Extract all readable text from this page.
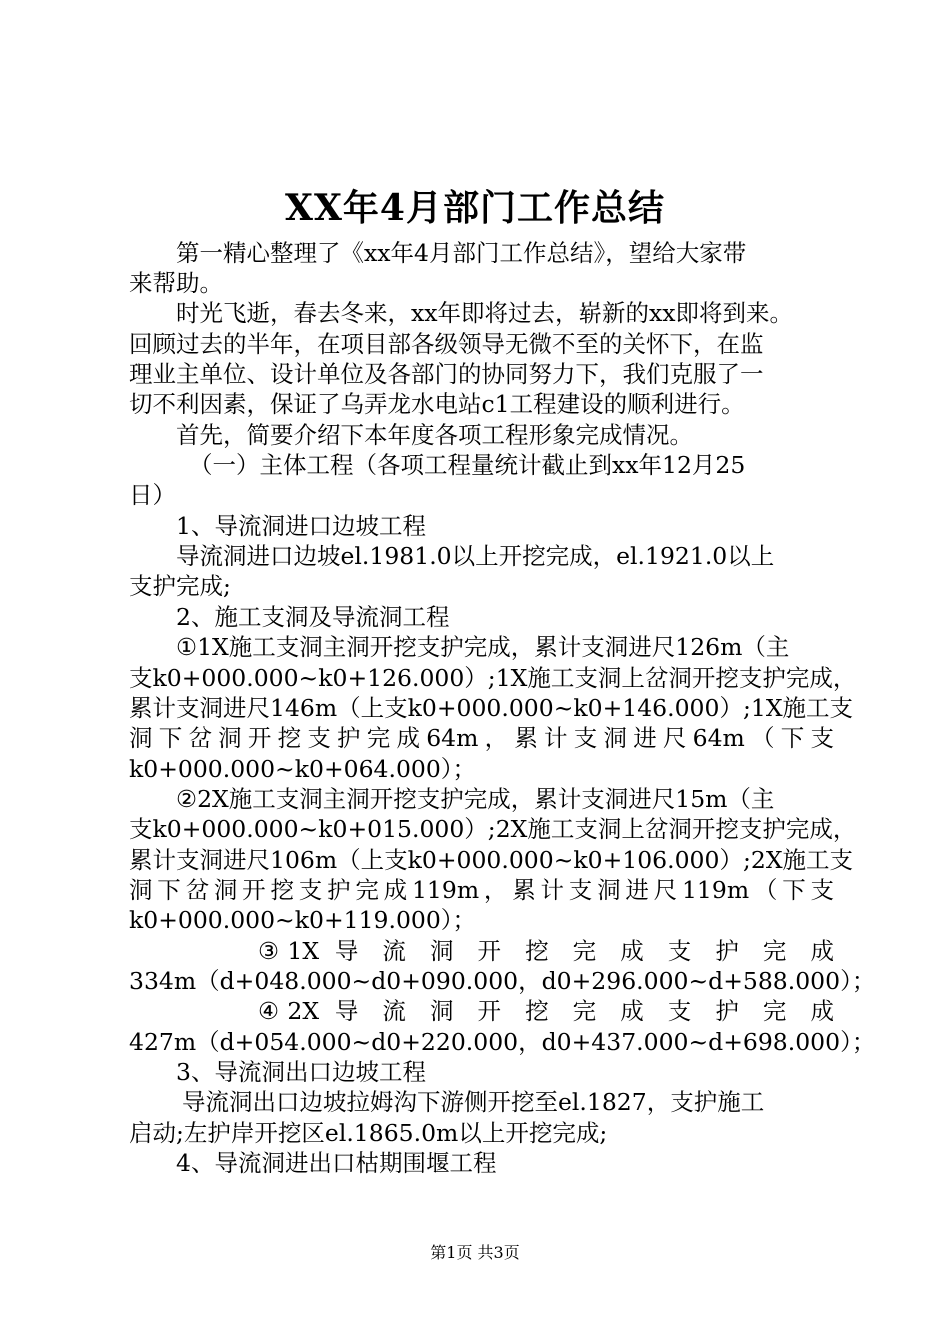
XX年4月部门工作总结
第一精心整理了《xx年4月部门工作总结》，望给大家带
来帮助。
时光飞逝，春去冬来，xx年即将过去，崭新的xx即将到来。
回顾过去的半年，在项目部各级领导无微不至的关怀下，在监
理业主单位、设计单位及各部门的协同努力下，我们克服了一
切不利因素，保证了乌弄龙水电站c1工程建设的顺利进行。
首先，简要介绍下本年度各项工程形象完成情况。
（一）主体工程（各项工程量统计截止到xx年12月25
日）
1、导流洞进口边坡工程
导流洞进口边坡el.1981.0以上开挖完成，el.1921.0以上
支护完成;
2、施工支洞及导流洞工程
①1X施工支洞主洞开挖支护完成，累计支洞进尺126m（主
支k0+000.000~k0+126.000）;1X施工支洞上岔洞开挖支护完成，
累计支洞进尺146m（上支k0+000.000~k0+146.000）;1X施工支
洞下岔洞开挖支护完成64m，累计支洞进尺64m（下支
k0+000.000~k0+064.000）；
②2X施工支洞主洞开挖支护完成，累计支洞进尺15m（主
支k0+000.000~k0+015.000）;2X施工支洞上岔洞开挖支护完成，
累计支洞进尺106m（上支k0+000.000~k0+106.000）;2X施工支
洞下岔洞开挖支护完成119m，累计支洞进尺119m（下支
k0+000.000~k0+119.000）；
③1X 导 流 洞 开 挖 完 成 支 护 完 成
334m（d+048.000~d0+090.000，d0+296.000~d+588.000）；
④2X 导 流 洞 开 挖 完 成 支 护 完 成
427m（d+054.000~d0+220.000，d0+437.000~d+698.000）；
3、导流洞出口边坡工程
导流洞出口边坡拉姆沟下游侧开挖至el.1827，支护施工
启动;左护岸开挖区el.1865.0m以上开挖完成;
4、导流洞进出口枯期围堰工程
第1页 共3页
